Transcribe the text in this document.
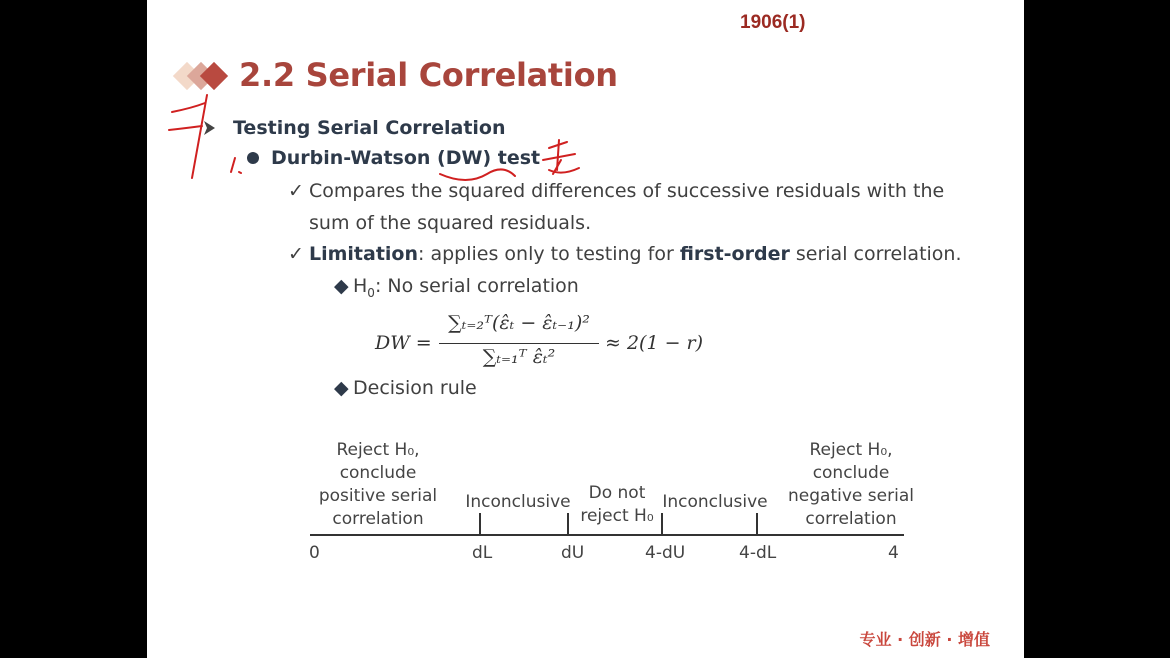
1906(1)
2.2 Serial Correlation
Testing Serial Correlation
Durbin-Watson (DW) test
✓ Compares the squared differences of successive residuals with the
sum of the squared residuals.
✓ Limitation: applies only to testing for first-order serial correlation.
◆ $H_0$: No serial correlation
DW =
∑ₜ₌₂ᵀ(ε̂ₜ − ε̂ₜ₋₁)²
∑ₜ₌₁ᵀ ε̂ₜ²
≈ 2(1 − r)
◆ Decision rule
Reject H₀,
conclude
positive serial
correlation
Inconclusive	Do not
reject H₀
Inconclusive
Reject H₀,
conclude
negative serial
correlation
0	dL	dU	4-dU	4-dL	4
专业 · 创新 · 增值
